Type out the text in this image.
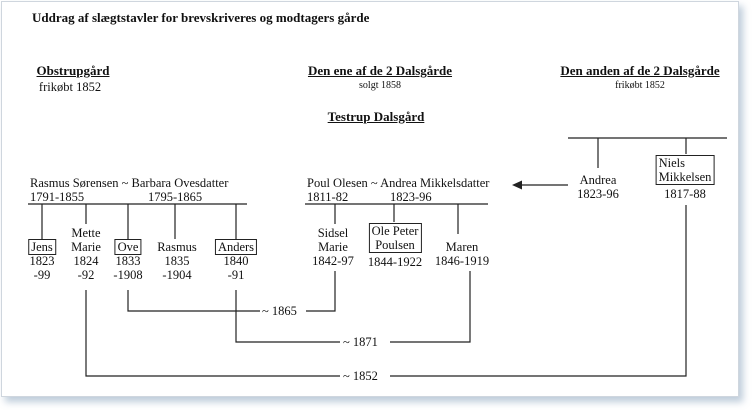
Uddrag af slægtstavler for brevskriveres og modtagers gårde
Obstrupgård
frikøbt 1852
Den ene af de 2 Dalsgårde
solgt 1858
Den anden af de 2 Dalsgårde
frikøbt 1852
Testrup Dalsgård
Rasmus Sørensen ~ Barbara Ovesdatter
1791-1855	1795-1865
Jens
1823
-99
Mette
Marie
1824
-92
Ove
1833
-1908
Rasmus
1835
-1904
Anders
1840
-91
Poul Olesen ~ Andrea Mikkelsdatter
1811-82	1823-96
Sidsel
Marie
1842-97
Ole Peter
Poulsen
1844-1922
Maren
1846-1919
Andrea
1823-96
Niels
Mikkelsen
1817-88
~ 1865
~ 1871
~ 1852
